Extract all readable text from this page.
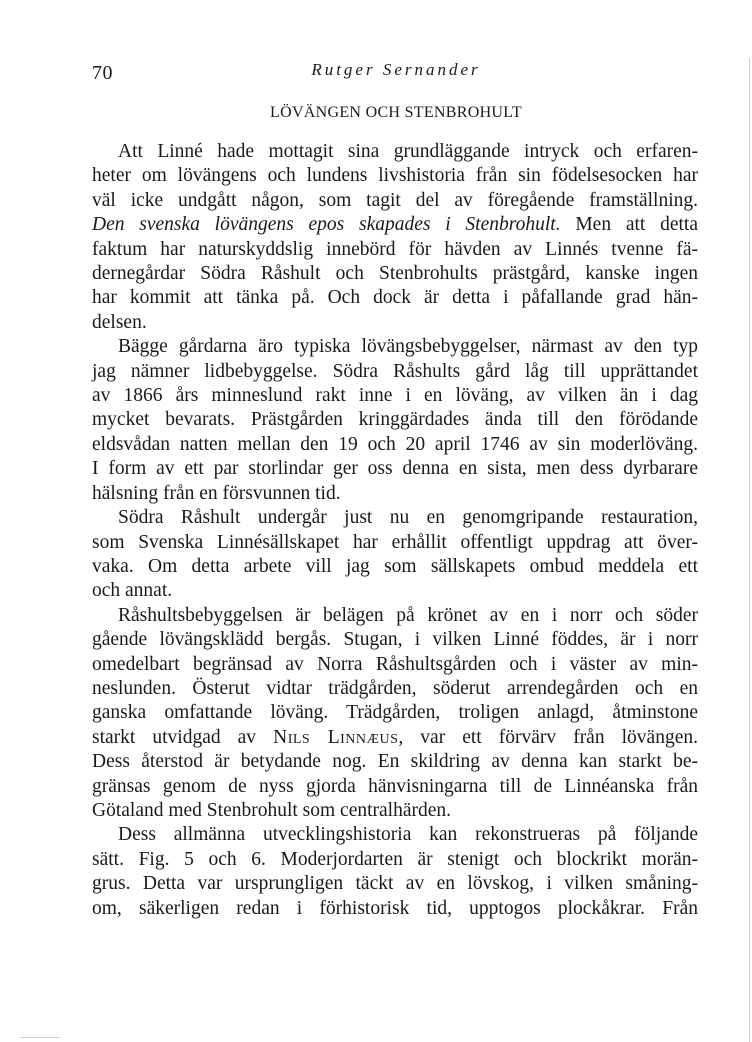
70	Rutger Sernander
LÖVÄNGEN OCH STENBROHULT

Att Linné hade mottagit sina grundläggande intryck och erfaren-
heter om lövängens och lundens livshistoria från sin födelsesocken har
väl icke undgått någon, som tagit del av föregående framställning.
Den svenska lövängens epos skapades i Stenbrohult. Men att detta
faktum har naturskyddslig innebörd för hävden av Linnés tvenne fä-
dernegårdar Södra Råshult och Stenbrohults prästgård, kanske ingen
har kommit att tänka på. Och dock är detta i påfallande grad hän-
delsen.

Bägge gårdarna äro typiska lövängsbebyggelser, närmast av den typ
jag nämner lidbebyggelse. Södra Råshults gård låg till upprättandet
av 1866 års minneslund rakt inne i en löväng, av vilken än i dag
mycket bevarats. Prästgården kringgärdades ända till den förödande
eldsvådan natten mellan den 19 och 20 april 1746 av sin moderlöväng.
I form av ett par storlindar ger oss denna en sista, men dess dyrbarare
hälsning från en försvunnen tid.

Södra Råshult undergår just nu en genomgripande restauration,
som Svenska Linnésällskapet har erhållit offentligt uppdrag att över-
vaka. Om detta arbete vill jag som sällskapets ombud meddela ett
och annat.

Råshultsbebyggelsen är belägen på krönet av en i norr och söder
gående lövängsklädd bergås. Stugan, i vilken Linné föddes, är i norr
omedelbart begränsad av Norra Råshultsgården och i väster av min-
neslunden. Österut vidtar trädgården, söderut arrendegården och en
ganska omfattande löväng. Trädgården, troligen anlagd, åtminstone
starkt utvidgad av Nils Linnæus, var ett förvärv från lövängen.
Dess återstod är betydande nog. En skildring av denna kan starkt be-
gränsas genom de nyss gjorda hänvisningarna till de Linnéanska från
Götaland med Stenbrohult som centralhärden.

Dess allmänna utvecklingshistoria kan rekonstrueras på följande
sätt. Fig. 5 och 6. Moderjordarten är stenigt och blockrikt morän-
grus. Detta var ursprungligen täckt av en lövskog, i vilken småning-
om, säkerligen redan i förhistorisk tid, upptogos plockåkrar. Från
